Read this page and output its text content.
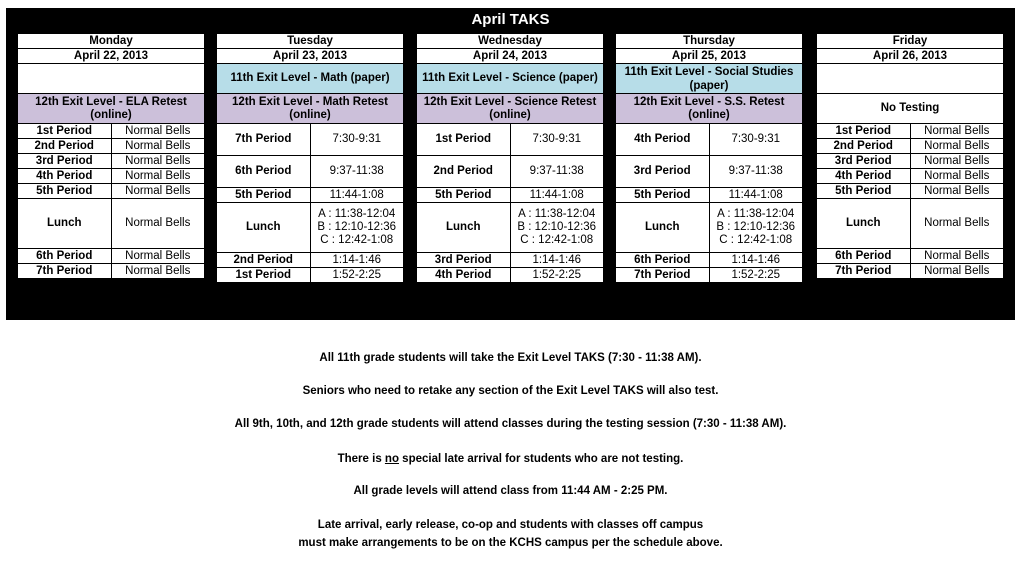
April TAKS
Monday	
April 22, 2013	

12th Exit Level - ELA Retest (online)	
1st Period	Normal Bells
2nd Period	Normal Bells
3rd Period	Normal Bells
4th Period	Normal Bells
5th Period	Normal Bells
Lunch	Normal Bells
6th Period	Normal Bells
7th Period	Normal Bells
Tuesday	
April 23, 2013	
11th Exit Level - Math (paper)	
12th Exit Level - Math Retest (online)	
7th Period	7:30-9:31
6th Period	9:37-11:38
5th Period	11:44-1:08
Lunch	A : 11:38-12:04
B : 12:10-12:36
C : 12:42-1:08

2nd Period	1:14-1:46
1st Period	1:52-2:25
Wednesday	
April 24, 2013	
11th Exit Level - Science (paper)	
12th Exit Level - Science Retest (online)	
1st Period	7:30-9:31
2nd Period	9:37-11:38
5th Period	11:44-1:08
Lunch	A : 11:38-12:04
B : 12:10-12:36
C : 12:42-1:08

3rd Period	1:14-1:46
4th Period	1:52-2:25
Thursday	
April 25, 2013	
11th Exit Level - Social Studies (paper)	
12th Exit Level - S.S. Retest (online)	
4th Period	7:30-9:31
3rd Period	9:37-11:38
5th Period	11:44-1:08
Lunch	A : 11:38-12:04
B : 12:10-12:36
C : 12:42-1:08

6th Period	1:14-1:46
7th Period	1:52-2:25
Friday	
April 26, 2013	

No Testing	
1st Period	Normal Bells
2nd Period	Normal Bells
3rd Period	Normal Bells
4th Period	Normal Bells
5th Period	Normal Bells
Lunch	Normal Bells
6th Period	Normal Bells
7th Period	Normal Bells
All 11th grade students will take the Exit Level TAKS (7:30 - 11:38 AM).
Seniors who need to retake any section of the Exit Level TAKS will also test.
All 9th, 10th, and 12th grade students will attend classes during the testing session (7:30 - 11:38 AM).
There is no special late arrival for students who are not testing.
All grade levels will attend class from 11:44 AM - 2:25 PM.
Late arrival, early release, co-op and students with classes off campus
must make arrangements to be on the KCHS campus per the schedule above.
